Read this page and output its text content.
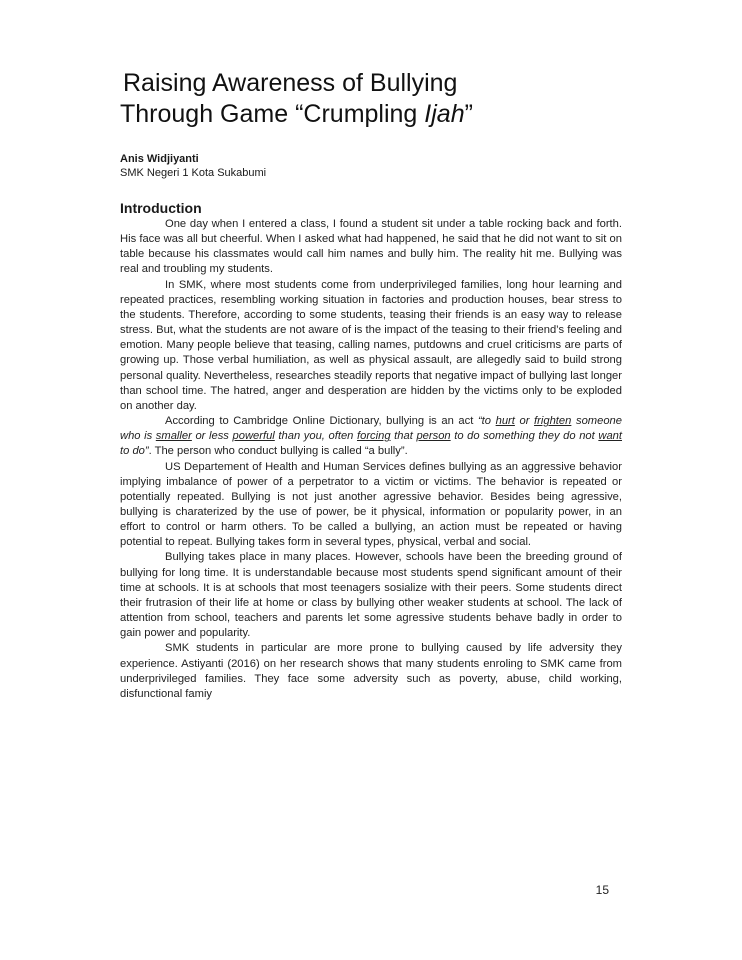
Raising Awareness of Bullying
Through Game “Crumpling Ijah”

Anis Widjiyanti

SMK Negeri 1 Kota Sukabumi

Introduction

One day when I entered a class, I found a student sit under a table rocking back and forth. His face was all but cheerful. When I asked what had happened, he said that he did not want to sit on table because his classmates would call him names and bully him. The reality hit me. Bullying was real and troubling my students.

In SMK, where most students come from underprivileged families, long hour learning and repeated practices, resembling working situation in factories and production houses, bear stress to the students. Therefore, according to some students, teasing their friends is an easy way to release stress. But, what the students are not aware of is the impact of the teasing to their friend’s feeling and emotion. Many people believe that teasing, calling names, putdowns and cruel criticisms are parts of growing up. Those verbal humiliation, as well as physical assault, are allegedly said to build strong personal quality. Nevertheless, researches steadily reports that negative impact of bullying last longer than school time. The hatred, anger and desperation are hidden by the victims only to be exploded on another day.

According to Cambridge Online Dictionary, bullying is an act “to hurt or frighten someone who is smaller or less powerful than you, often forcing that person to do something they do not want to do”. The person who conduct bullying is called “a bully”.

US Departement of Health and Human Services defines bullying as an aggressive behavior implying imbalance of power of a perpetrator to a victim or victims. The behavior is repeated or potentially repeated. Bullying is not just another agressive behavior. Besides being agressive, bullying is charaterized by the use of power, be it physical, information or popularity power, in an effort to control or harm others. To be called a bullying, an action must be repeated or having potential to repeat. Bullying takes form in several types, physical, verbal and social.

Bullying takes place in many places. However, schools have been the breeding ground of bullying for long time. It is understandable because most students spend significant amount of their time at schools. It is at schools that most teenagers sosialize with their peers. Some students direct their frutrasion of their life at home or class by bullying other weaker students at school. The lack of attention from school, teachers and parents let some agressive students behave badly in order to gain power and popularity.

SMK students in particular are more prone to bullying caused by life adversity they experience. Astiyanti (2016) on her research shows that many students enroling to SMK came from underprivileged families. They face some adversity such as poverty, abuse, child working, disfunctional famiy

15
